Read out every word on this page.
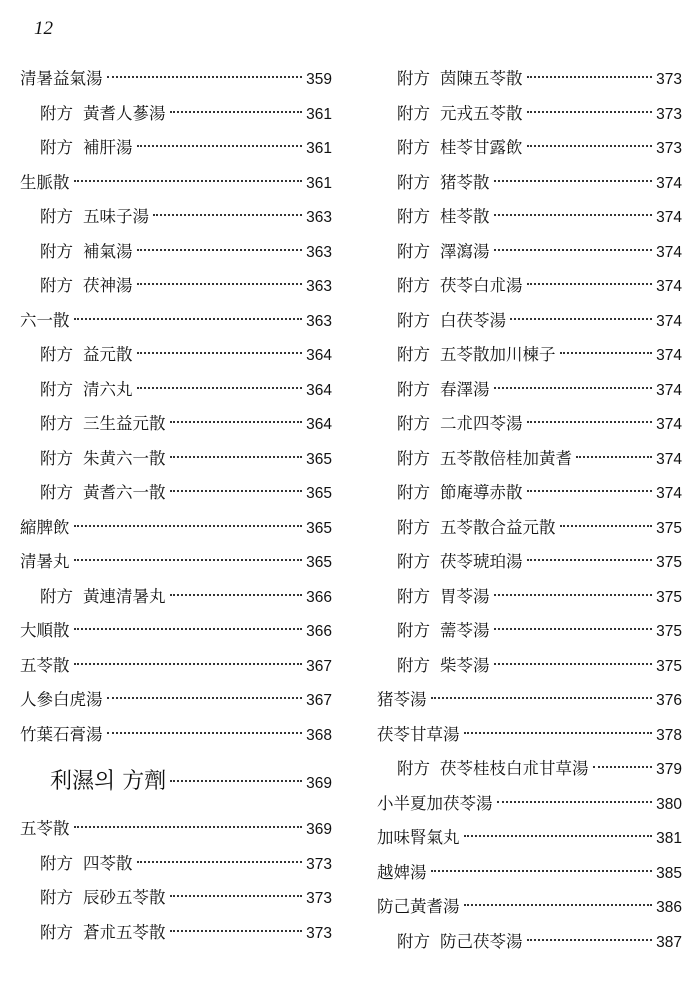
12
清暑益氣湯	359
附方 黃耆人蔘湯	361
附方 補肝湯	361
生脈散	361
附方 五味子湯	363
附方 補氣湯	363
附方 茯神湯	363
六一散	363
附方 益元散	364
附方 清六丸	364
附方 三生益元散	364
附方 朱黄六一散	365
附方 黃耆六一散	365
縮脾飲	365
清暑丸	365
附方 黃連清暑丸	366
大順散	366
五苓散	367
人參白虎湯	367
竹葉石膏湯	368
利濕의 方劑	369
五苓散	369
附方 四苓散	373
附方 辰砂五苓散	373
附方 蒼朮五苓散	373
附方 茵陳五苓散	373
附方 元戎五苓散	373
附方 桂苓甘露飲	373
附方 猪苓散	374
附方 桂苓散	374
附方 澤瀉湯	374
附方 茯苓白朮湯	374
附方 白茯苓湯	374
附方 五苓散加川楝子	374
附方 春澤湯	374
附方 二朮四苓湯	374
附方 五苓散倍桂加黃耆	374
附方 節庵導赤散	374
附方 五苓散合益元散	375
附方 茯苓琥珀湯	375
附方 胃苓湯	375
附方 薷苓湯	375
附方 柴苓湯	375
猪苓湯	376
茯苓甘草湯	378
附方 茯苓桂枝白朮甘草湯	379
小半夏加茯苓湯	380
加味腎氣丸	381
越婢湯	385
防己黃耆湯	386
附方 防己茯苓湯	387
